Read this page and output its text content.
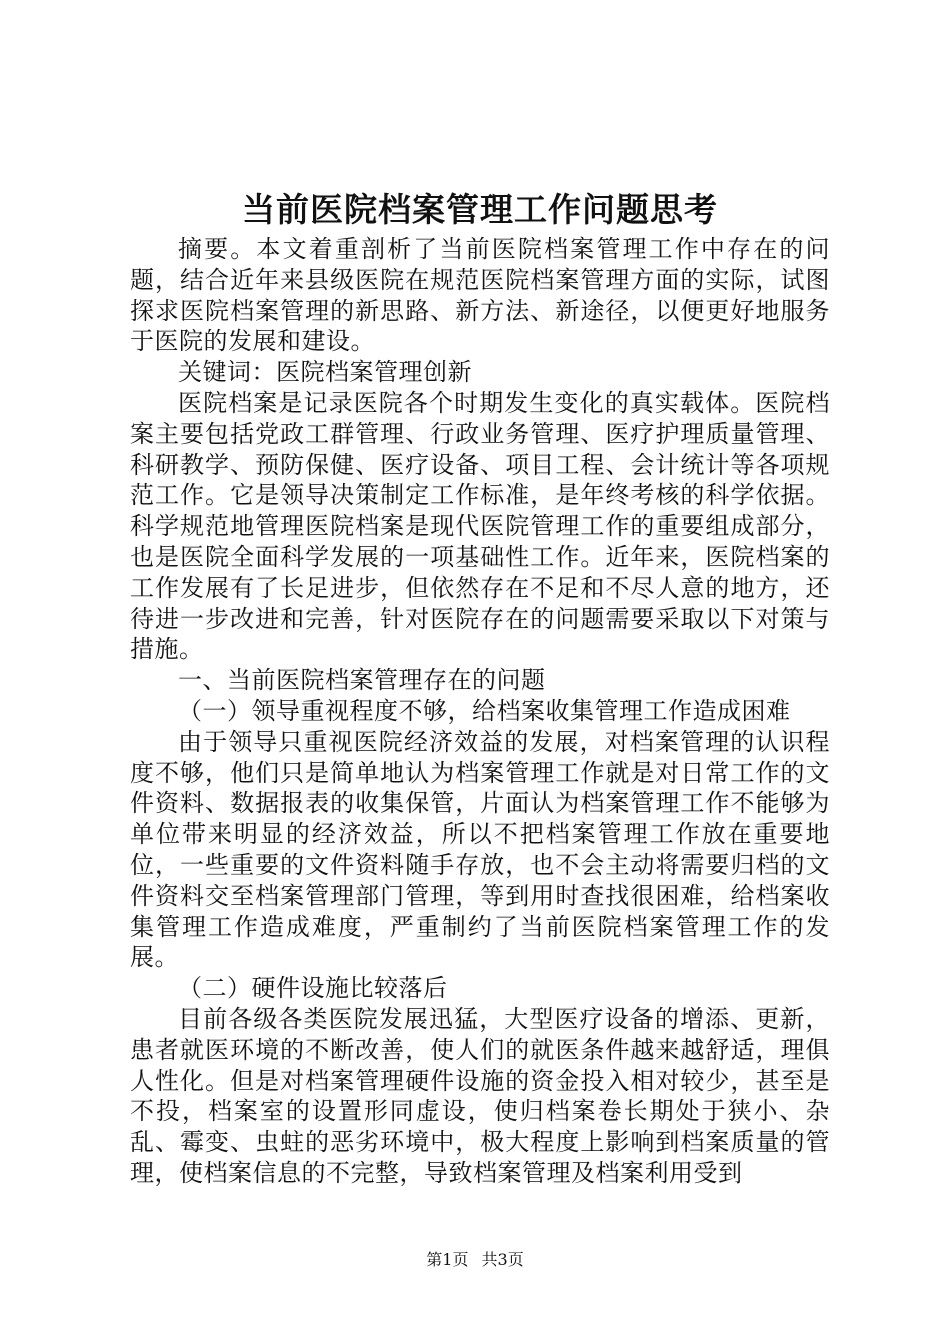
当前医院档案管理工作问题思考

摘要。本文着重剖析了当前医院档案管理工作中存在的问题，结合近年来县级医院在规范医院档案管理方面的实际，试图探求医院档案管理的新思路、新方法、新途径，以便更好地服务于医院的发展和建设。

关键词：医院档案管理创新

医院档案是记录医院各个时期发生变化的真实载体。医院档案主要包括党政工群管理、行政业务管理、医疗护理质量管理、科研教学、预防保健、医疗设备、项目工程、会计统计等各项规范工作。它是领导决策制定工作标准，是年终考核的科学依据。科学规范地管理医院档案是现代医院管理工作的重要组成部分，也是医院全面科学发展的一项基础性工作。近年来，医院档案的工作发展有了长足进步，但依然存在不足和不尽人意的地方，还待进一步改进和完善，针对医院存在的问题需要采取以下对策与措施。

一、当前医院档案管理存在的问题

（一）领导重视程度不够，给档案收集管理工作造成困难

由于领导只重视医院经济效益的发展，对档案管理的认识程度不够，他们只是简单地认为档案管理工作就是对日常工作的文件资料、数据报表的收集保管，片面认为档案管理工作不能够为单位带来明显的经济效益，所以不把档案管理工作放在重要地位，一些重要的文件资料随手存放，也不会主动将需要归档的文件资料交至档案管理部门管理，等到用时查找很困难，给档案收集管理工作造成难度，严重制约了当前医院档案管理工作的发展。

（二）硬件设施比较落后

目前各级各类医院发展迅猛，大型医疗设备的增添、更新，患者就医环境的不断改善，使人们的就医条件越来越舒适，理俱人性化。但是对档案管理硬件设施的资金投入相对较少，甚至是不投，档案室的设置形同虚设，使归档案卷长期处于狭小、杂乱、霉变、虫蛀的恶劣环境中，极大程度上影响到档案质量的管理，使档案信息的不完整，导致档案管理及档案利用受到

第1页 共3页
